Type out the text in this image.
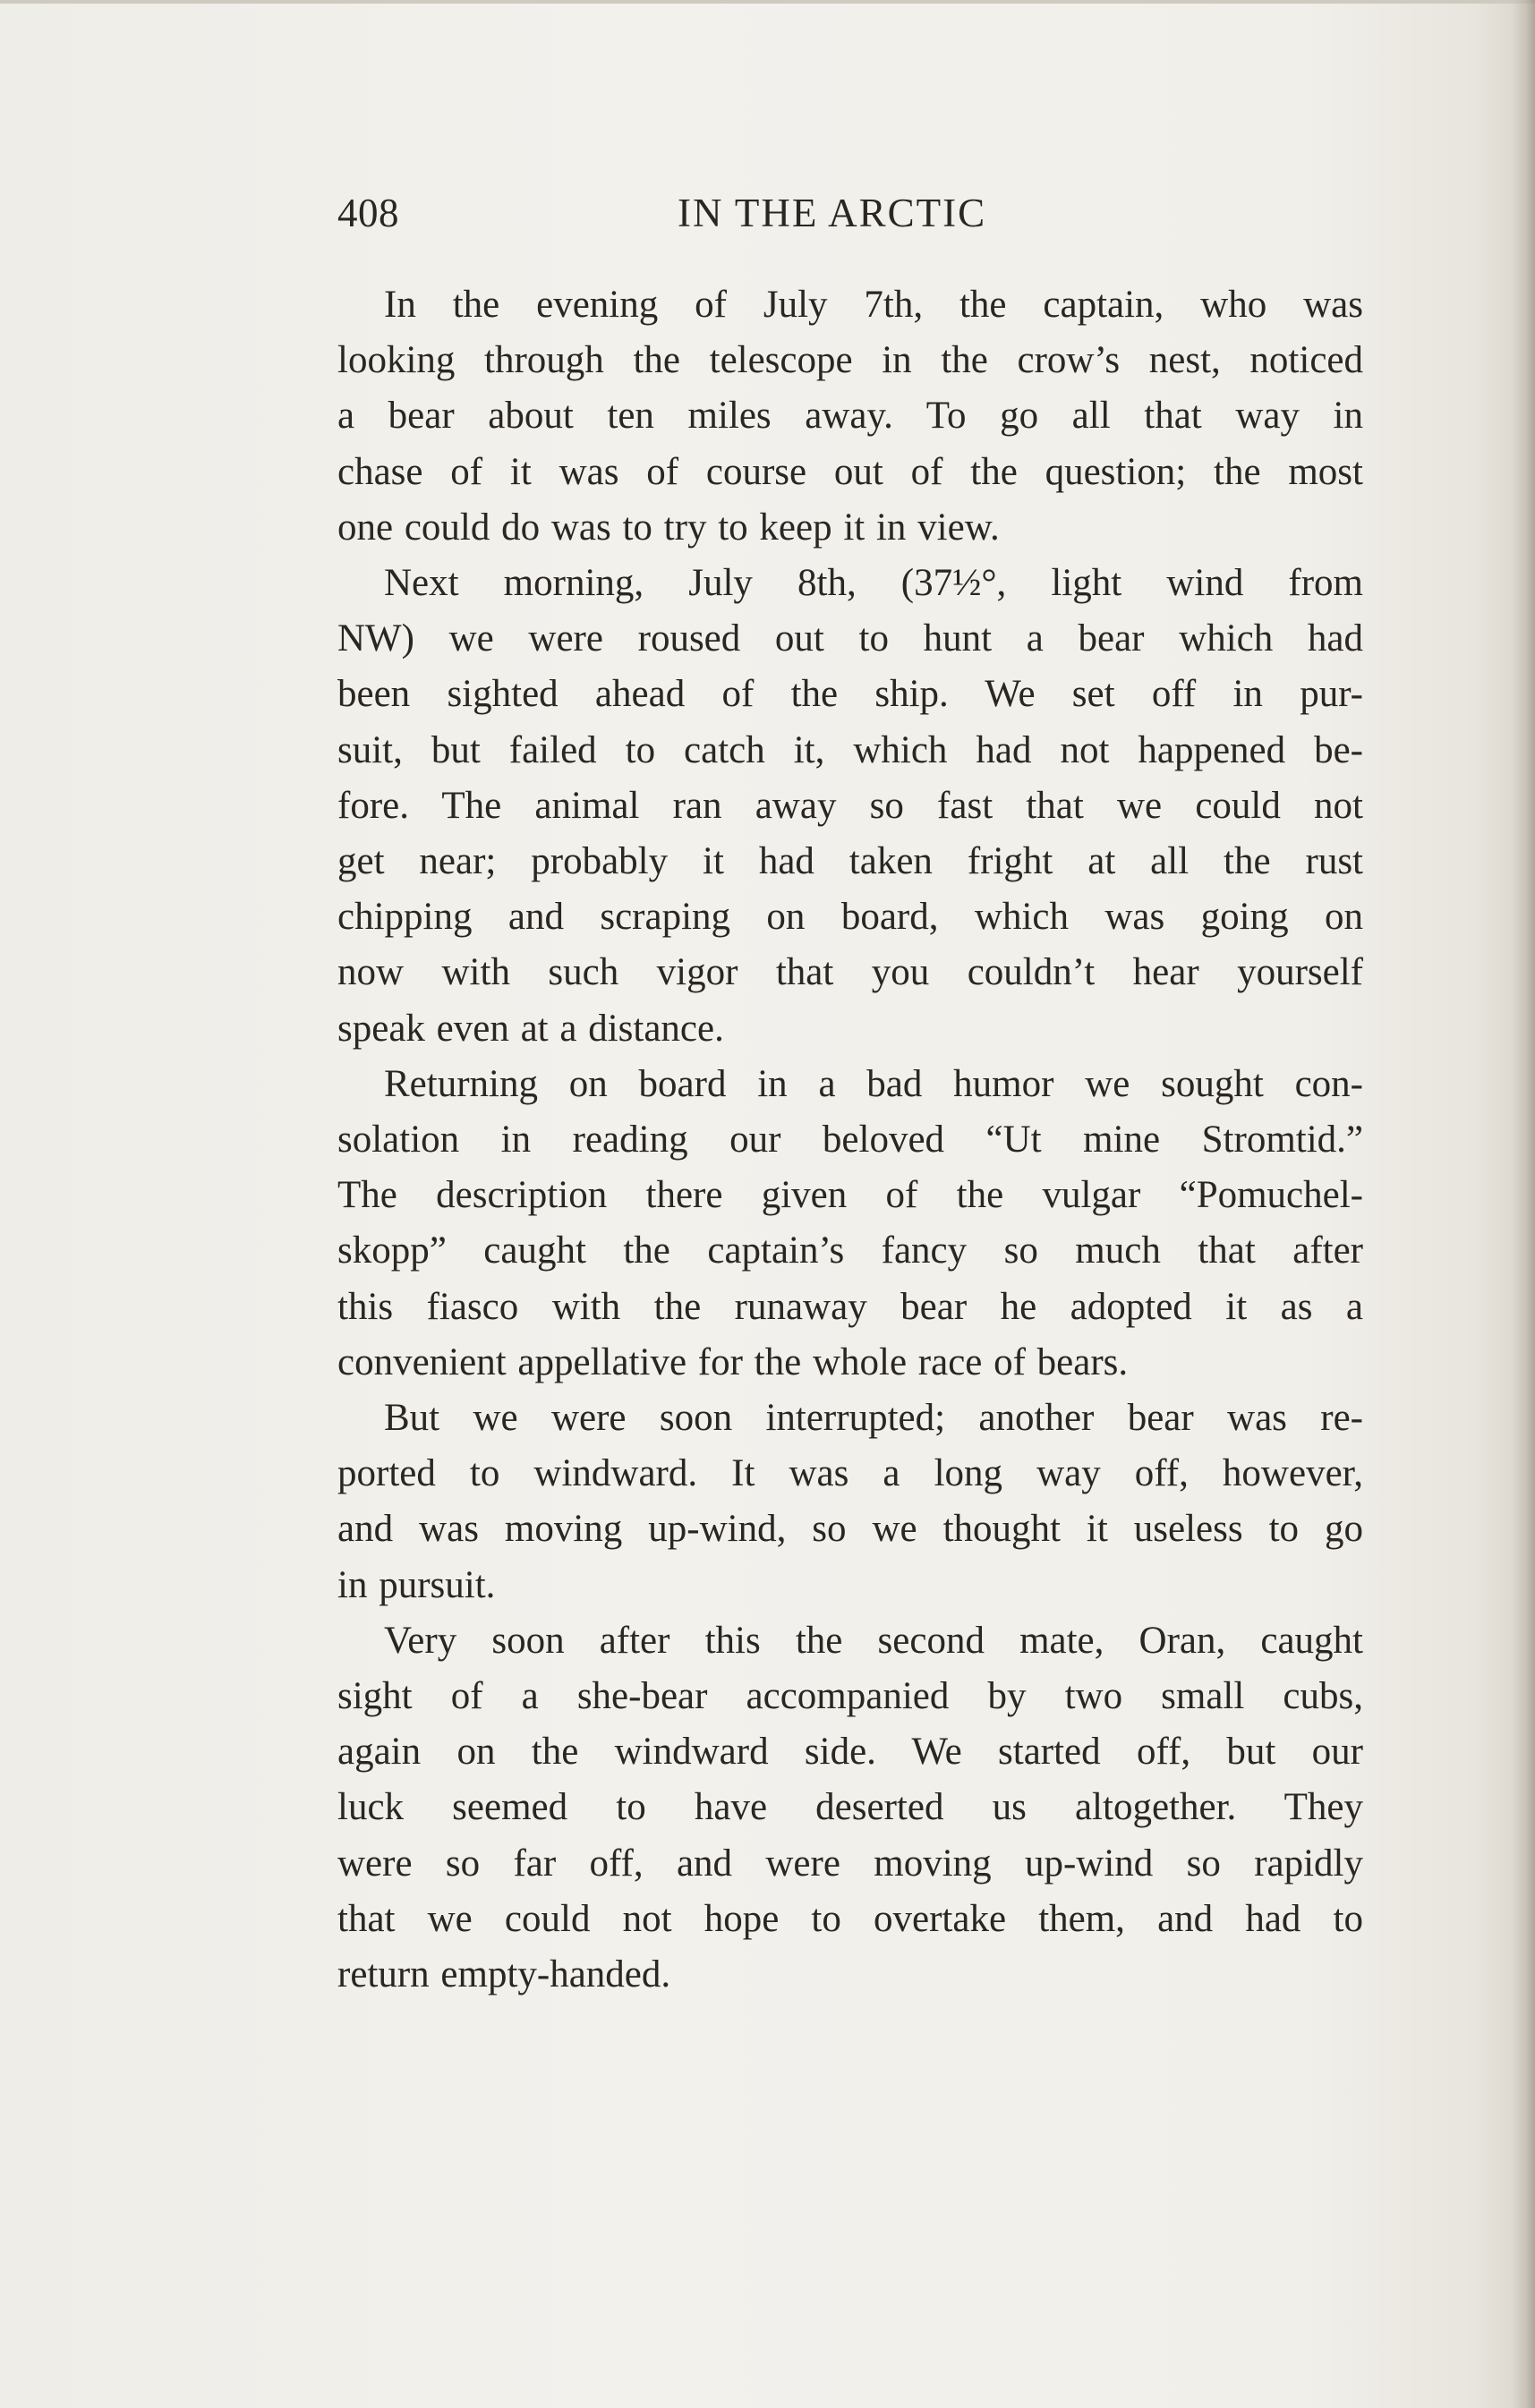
408	IN THE ARCTIC
In the evening of July 7th, the captain, who was
looking through the telescope in the crow’s nest, noticed
a bear about ten miles away. To go all that way in
chase of it was of course out of the question; the most
one could do was to try to keep it in view.
Next morning, July 8th, (37½°, light wind from
NW) we were roused out to hunt a bear which had
been sighted ahead of the ship. We set off in pur-
suit, but failed to catch it, which had not happened be-
fore. The animal ran away so fast that we could not
get near; probably it had taken fright at all the rust
chipping and scraping on board, which was going on
now with such vigor that you couldn’t hear yourself
speak even at a distance.
Returning on board in a bad humor we sought con-
solation in reading our beloved “Ut mine Stromtid.”
The description there given of the vulgar “Pomuchel-
skopp” caught the captain’s fancy so much that after
this fiasco with the runaway bear he adopted it as a
convenient appellative for the whole race of bears.
But we were soon interrupted; another bear was re-
ported to windward. It was a long way off, however,
and was moving up-wind, so we thought it useless to go
in pursuit.
Very soon after this the second mate, Oran, caught
sight of a she-bear accompanied by two small cubs,
again on the windward side. We started off, but our
luck seemed to have deserted us altogether. They
were so far off, and were moving up-wind so rapidly
that we could not hope to overtake them, and had to
return empty-handed.
